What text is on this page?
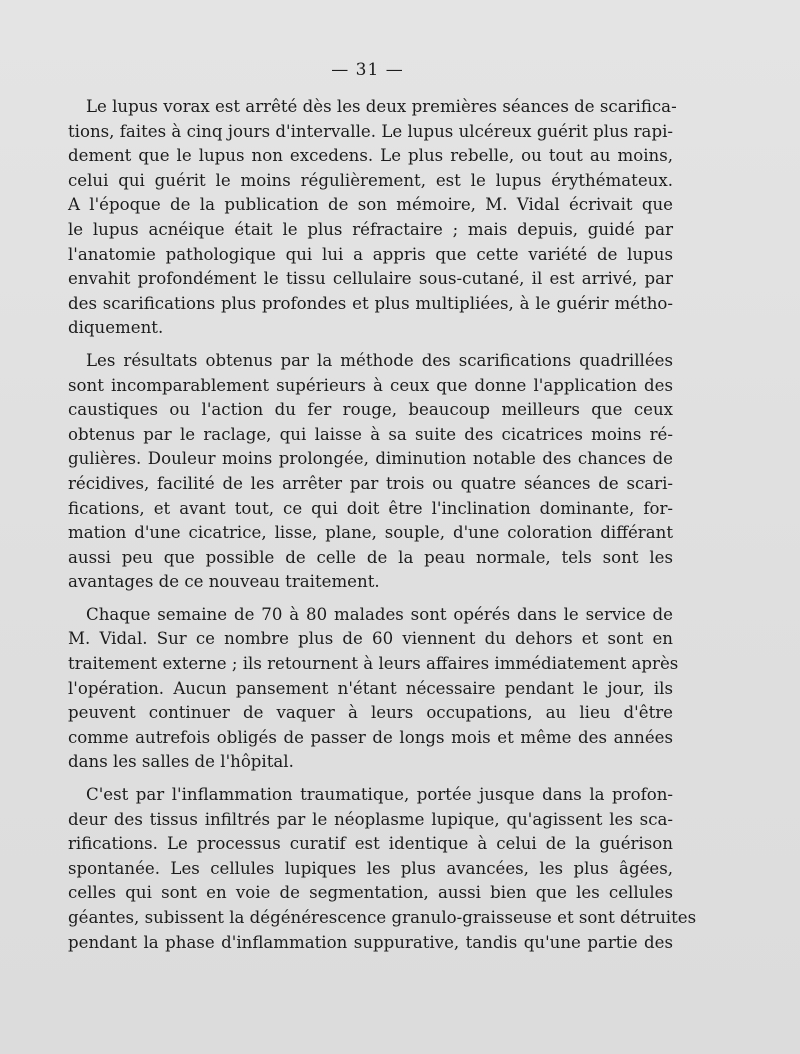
— 31 —
Le lupus vorax est arrêté dès les deux premières séances de scarifica-
tions, faites à cinq jours d'intervalle. Le lupus ulcéreux guérit plus rapi-
dement que le lupus non excedens. Le plus rebelle, ou tout au moins,
celui qui guérit le moins régulièrement, est le lupus érythémateux.
A l'époque de la publication de son mémoire, M. Vidal écrivait que
le lupus acnéique était le plus réfractaire ; mais depuis, guidé par
l'anatomie pathologique qui lui a appris que cette variété de lupus
envahit profondément le tissu cellulaire sous-cutané, il est arrivé, par
des scarifications plus profondes et plus multipliées, à le guérir métho-
diquement.
Les résultats obtenus par la méthode des scarifications quadrillées
sont incomparablement supérieurs à ceux que donne l'application des
caustiques ou l'action du fer rouge, beaucoup meilleurs que ceux
obtenus par le raclage, qui laisse à sa suite des cicatrices moins ré-
gulières. Douleur moins prolongée, diminution notable des chances de
récidives, facilité de les arrêter par trois ou quatre séances de scari-
fications, et avant tout, ce qui doit être l'inclination dominante, for-
mation d'une cicatrice, lisse, plane, souple, d'une coloration différant
aussi peu que possible de celle de la peau normale, tels sont les
avantages de ce nouveau traitement.
Chaque semaine de 70 à 80 malades sont opérés dans le service de
M. Vidal. Sur ce nombre plus de 60 viennent du dehors et sont en
traitement externe ; ils retournent à leurs affaires immédiatement après
l'opération. Aucun pansement n'étant nécessaire pendant le jour, ils
peuvent continuer de vaquer à leurs occupations, au lieu d'être
comme autrefois obligés de passer de longs mois et même des années
dans les salles de l'hôpital.
C'est par l'inflammation traumatique, portée jusque dans la profon-
deur des tissus infiltrés par le néoplasme lupique, qu'agissent les sca-
rifications. Le processus curatif est identique à celui de la guérison
spontanée. Les cellules lupiques les plus avancées, les plus âgées,
celles qui sont en voie de segmentation, aussi bien que les cellules
géantes, subissent la dégénérescence granulo-graisseuse et sont détruites
pendant la phase d'inflammation suppurative, tandis qu'une partie des
